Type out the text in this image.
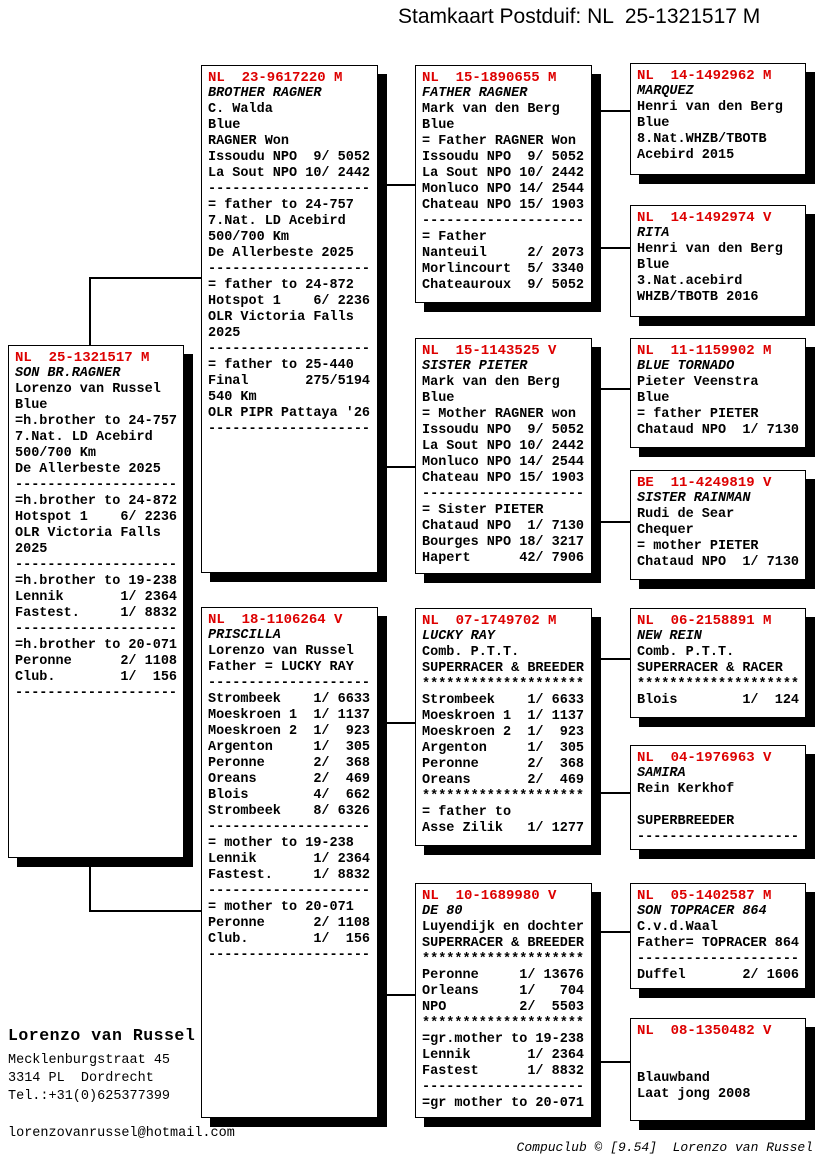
Stamkaart Postduif: NL  25-1321517 M
NL  25-1321517 M
SON BR.RAGNER
Lorenzo van Russel
Blue
=h.brother to 24-757
7.Nat. LD Acebird
500/700 Km
De Allerbeste 2025
--------------------
=h.brother to 24-872
Hotspot 1    6/ 2236
OLR Victoria Falls
2025
--------------------
=h.brother to 19-238
Lennik       1/ 2364
Fastest.     1/ 8832
--------------------
=h.brother to 20-071
Peronne      2/ 1108
Club.        1/  156
--------------------
NL  23-9617220 M
BROTHER RAGNER
C. Walda
Blue
RAGNER Won
Issoudu NPO  9/ 5052
La Sout NPO 10/ 2442
--------------------
= father to 24-757
7.Nat. LD Acebird
500/700 Km
De Allerbeste 2025
--------------------
= father to 24-872
Hotspot 1    6/ 2236
OLR Victoria Falls
2025
--------------------
= father to 25-440
Final       275/5194
540 Km
OLR PIPR Pattaya '26
--------------------
NL  18-1106264 V
PRISCILLA
Lorenzo van Russel
Father = LUCKY RAY
--------------------
Strombeek    1/ 6633
Moeskroen 1  1/ 1137
Moeskroen 2  1/  923
Argenton     1/  305
Peronne      2/  368
Oreans       2/  469
Blois        4/  662
Strombeek    8/ 6326
--------------------
= mother to 19-238
Lennik       1/ 2364
Fastest.     1/ 8832
--------------------
= mother to 20-071
Peronne      2/ 1108
Club.        1/  156
--------------------
NL  15-1890655 M
FATHER RAGNER
Mark van den Berg
Blue
= Father RAGNER Won
Issoudu NPO  9/ 5052
La Sout NPO 10/ 2442
Monluco NPO 14/ 2544
Chateau NPO 15/ 1903
--------------------
= Father
Nanteuil     2/ 2073
Morlincourt  5/ 3340
Chateauroux  9/ 5052
NL  15-1143525 V
SISTER PIETER
Mark van den Berg
Blue
= Mother RAGNER won
Issoudu NPO  9/ 5052
La Sout NPO 10/ 2442
Monluco NPO 14/ 2544
Chateau NPO 15/ 1903
--------------------
= Sister PIETER
Chataud NPO  1/ 7130
Bourges NPO 18/ 3217
Hapert      42/ 7906
NL  07-1749702 M
LUCKY RAY
Comb. P.T.T.
SUPERRACER & BREEDER
********************
Strombeek    1/ 6633
Moeskroen 1  1/ 1137
Moeskroen 2  1/  923
Argenton     1/  305
Peronne      2/  368
Oreans       2/  469
********************
= father to
Asse Zilik   1/ 1277
NL  10-1689980 V
DE 80
Luyendijk en dochter
SUPERRACER & BREEDER
********************
Peronne     1/ 13676
Orleans     1/   704
NPO         2/  5503
********************
=gr.mother to 19-238
Lennik       1/ 2364
Fastest      1/ 8832
--------------------
=gr mother to 20-071
NL  14-1492962 M
MARQUEZ
Henri van den Berg
Blue
8.Nat.WHZB/TBOTB
Acebird 2015
NL  14-1492974 V
RITA
Henri van den Berg
Blue
3.Nat.acebird
WHZB/TBOTB 2016
NL  11-1159902 M
BLUE TORNADO
Pieter Veenstra
Blue
= father PIETER
Chataud NPO  1/ 7130
BE  11-4249819 V
SISTER RAINMAN
Rudi de Sear
Chequer
= mother PIETER
Chataud NPO  1/ 7130
NL  06-2158891 M
NEW REIN
Comb. P.T.T.
SUPERRACER & RACER
********************
Blois        1/  124
NL  04-1976963 V
SAMIRA
Rein Kerkhof

SUPERBREEDER
--------------------
NL  05-1402587 M
SON TOPRACER 864
C.v.d.Waal
Father= TOPRACER 864
--------------------
Duffel       2/ 1606
NL  08-1350482 V

Blauwband
Laat jong 2008
Lorenzo van Russel
Mecklenburgstraat 45
3314 PL  Dordrecht
Tel.:+31(0)625377399
lorenzovanrussel@hotmail.com
Compuclub © [9.54]  Lorenzo van Russel
